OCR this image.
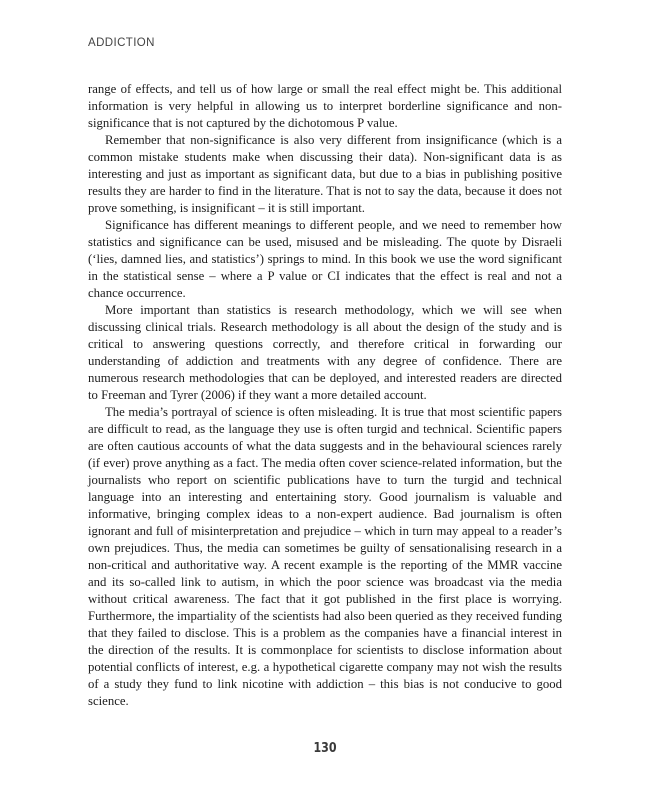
ADDICTION

range of effects, and tell us of how large or small the real effect might be. This additional information is very helpful in allowing us to interpret borderline significance and non-significance that is not captured by the dichotomous P value.

Remember that non-significance is also very different from insignificance (which is a common mistake students make when discussing their data). Non-significant data is as interesting and just as important as significant data, but due to a bias in publishing positive results they are harder to find in the literature. That is not to say the data, because it does not prove something, is insignificant – it is still important.

Significance has different meanings to different people, and we need to remember how statistics and significance can be used, misused and be misleading. The quote by Disraeli (‘lies, damned lies, and statistics’) springs to mind. In this book we use the word significant in the statistical sense – where a P value or CI indicates that the effect is real and not a chance occurrence.

More important than statistics is research methodology, which we will see when discussing clinical trials. Research methodology is all about the design of the study and is critical to answering questions correctly, and therefore critical in forwarding our understanding of addiction and treatments with any degree of confidence. There are numerous research methodologies that can be deployed, and interested readers are directed to Freeman and Tyrer (2006) if they want a more detailed account.

The media’s portrayal of science is often misleading. It is true that most scientific papers are difficult to read, as the language they use is often turgid and technical. Scientific papers are often cautious accounts of what the data suggests and in the behavioural sciences rarely (if ever) prove anything as a fact. The media often cover science-related information, but the journalists who report on scientific publications have to turn the turgid and technical language into an interesting and entertaining story. Good journalism is valuable and informative, bringing complex ideas to a non-expert audience. Bad journalism is often ignorant and full of misinterpretation and prejudice – which in turn may appeal to a reader’s own prejudices. Thus, the media can sometimes be guilty of sensationalising research in a non-critical and authoritative way. A recent example is the reporting of the MMR vaccine and its so-called link to autism, in which the poor science was broadcast via the media without critical awareness. The fact that it got published in the first place is worrying. Furthermore, the impartiality of the scientists had also been queried as they received funding that they failed to disclose. This is a problem as the companies have a financial interest in the direction of the results. It is commonplace for scientists to disclose information about potential conflicts of interest, e.g. a hypothetical cigarette company may not wish the results of a study they fund to link nicotine with addiction – this bias is not conducive to good science.

130
